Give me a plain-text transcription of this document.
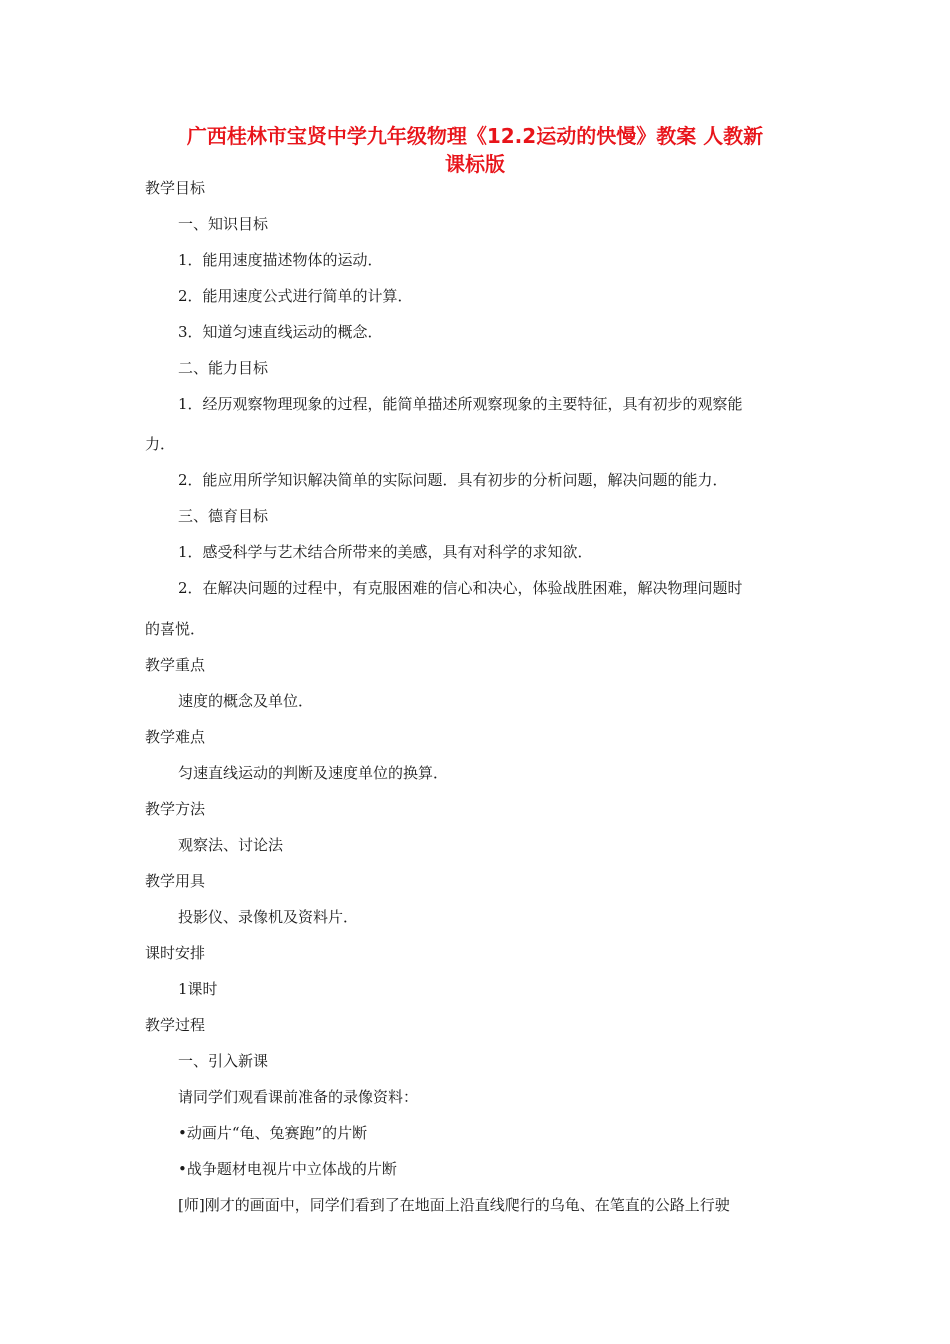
广西桂林市宝贤中学九年级物理《12.2运动的快慢》教案 人教新
课标版

教学目标

一、知识目标

1．能用速度描述物体的运动．

2．能用速度公式进行简单的计算．

3．知道匀速直线运动的概念．

二、能力目标

1．经历观察物理现象的过程，能简单描述所观察现象的主要特征，具有初步的观察能

力．

2．能应用所学知识解决简单的实际问题．具有初步的分析问题，解决问题的能力．

三、德育目标

1．感受科学与艺术结合所带来的美感，具有对科学的求知欲．

2．在解决问题的过程中，有克服困难的信心和决心，体验战胜困难，解决物理问题时

的喜悦．

教学重点

速度的概念及单位．

教学难点

匀速直线运动的判断及速度单位的换算．

教学方法

观察法、讨论法

教学用具

投影仪、录像机及资料片．

课时安排

1课时

教学过程

一、引入新课

请同学们观看课前准备的录像资料：

•动画片“龟、兔赛跑”的片断

•战争题材电视片中立体战的片断

[师]刚才的画面中，同学们看到了在地面上沿直线爬行的乌龟、在笔直的公路上行驶
